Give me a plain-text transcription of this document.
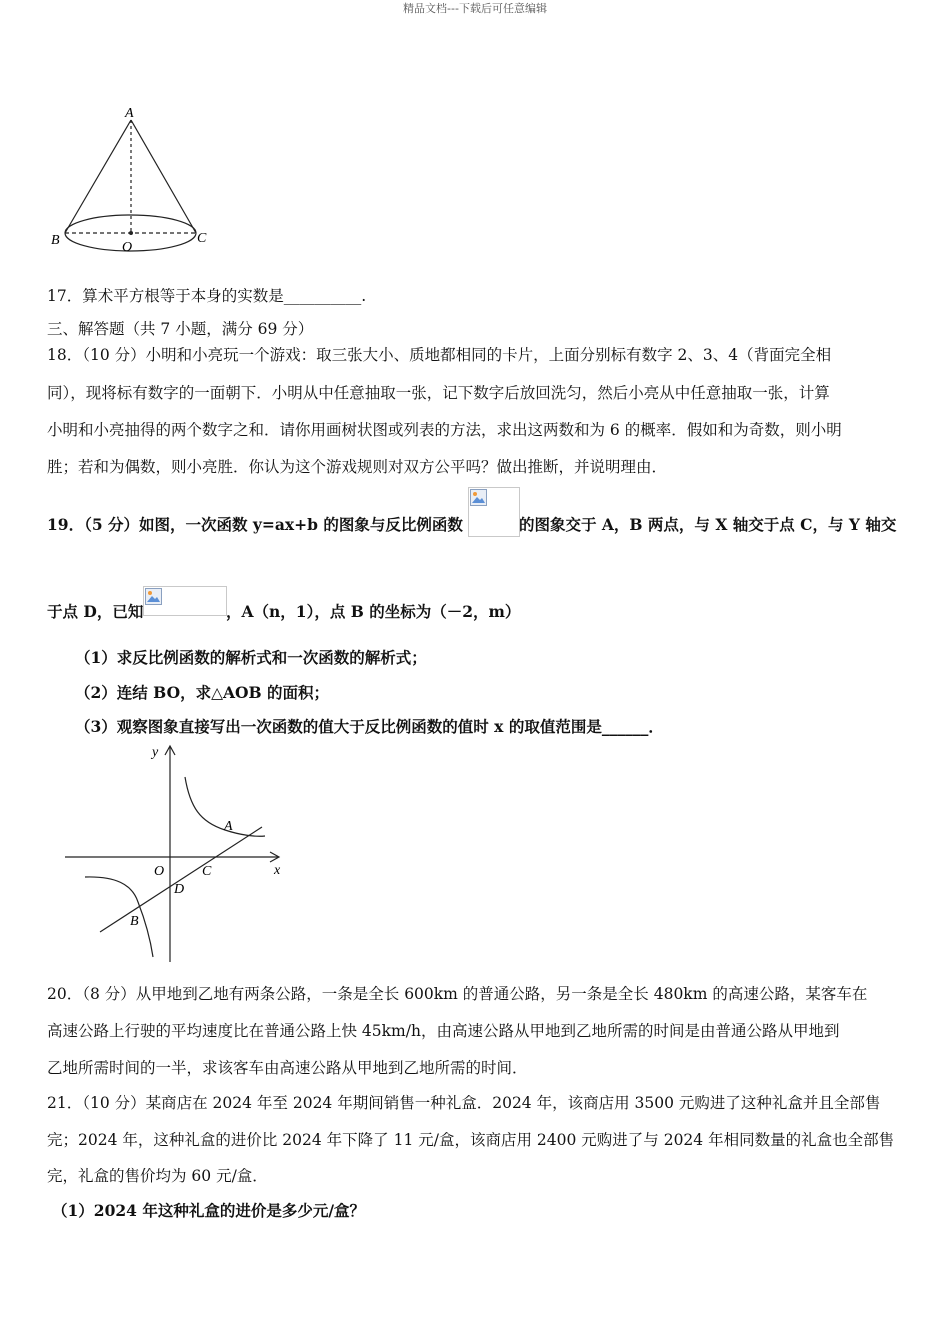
精品文档---下载后可任意编辑
A
B	O
C
17．算术平方根等于本身的实数是__________.
三、解答题（共 7 小题，满分 69 分）
18．（10 分）小明和小亮玩一个游戏：取三张大小、质地都相同的卡片，上面分别标有数字 2、3、4（背面完全相
同），现将标有数字的一面朝下．小明从中任意抽取一张，记下数字后放回洗匀，然后小亮从中任意抽取一张，计算
小明和小亮抽得的两个数字之和．请你用画树状图或列表的方法，求出这两数和为 6 的概率．假如和为奇数，则小明
胜；若和为偶数，则小亮胜．你认为这个游戏规则对双方公平吗？做出推断，并说明理由．
19．（5 分）如图，一次函数 y=ax+b 的图象与反比例函数	的图象交于 A，B 两点，与 X 轴交于点 C，与 Y 轴交
于点 D，已知	，A（n，1），点 B 的坐标为（－2，m）
（1）求反比例函数的解析式和一次函数的解析式；
（2）连结 BO，求△AOB 的面积；
（3）观察图象直接写出一次函数的值大于反比例函数的值时 x 的取值范围是______．
y
x
O	C
A
D
B
20．（8 分）从甲地到乙地有两条公路，一条是全长 600km 的普通公路，另一条是全长 480km 的高速公路，某客车在
高速公路上行驶的平均速度比在普通公路上快 45km/h，由高速公路从甲地到乙地所需的时间是由普通公路从甲地到
乙地所需时间的一半，求该客车由高速公路从甲地到乙地所需的时间．
21．（10 分）某商店在 2024 年至 2024 年期间销售一种礼盒．2024 年，该商店用 3500 元购进了这种礼盒并且全部售
完；2024 年，这种礼盒的进价比 2024 年下降了 11 元/盒，该商店用 2400 元购进了与 2024 年相同数量的礼盒也全部售
完，礼盒的售价均为 60 元/盒．
（1）2024 年这种礼盒的进价是多少元/盒？
